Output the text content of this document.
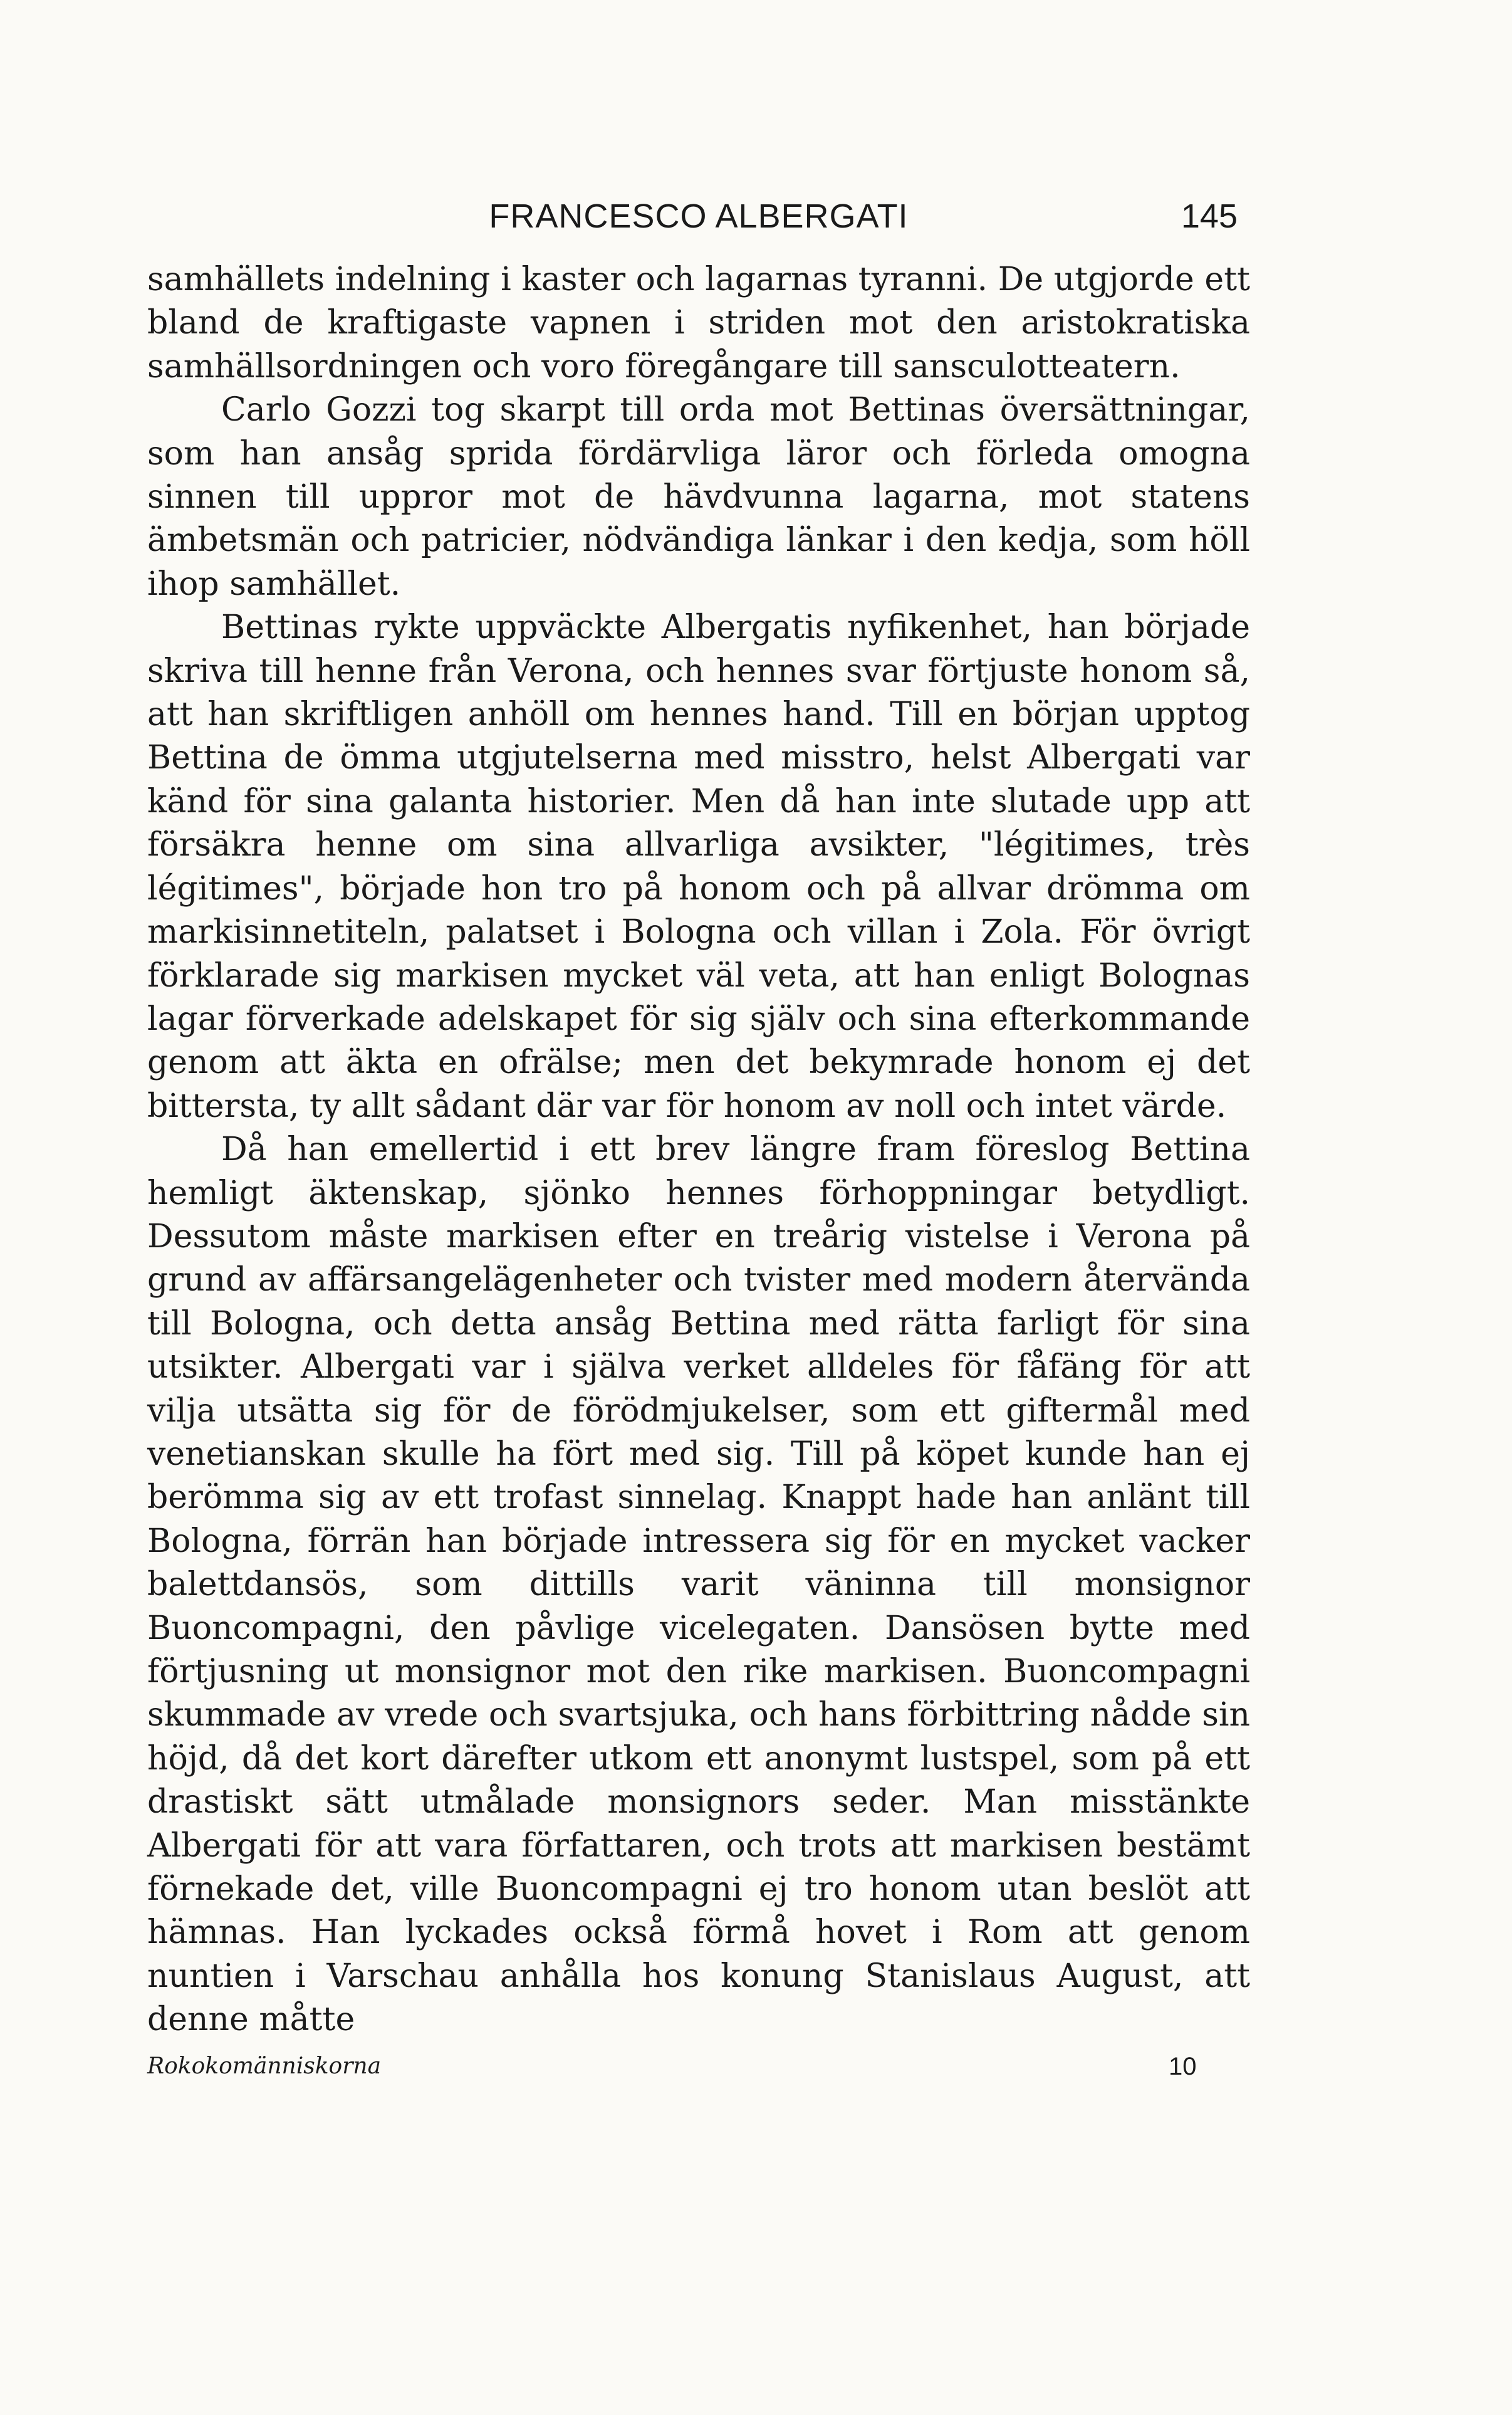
FRANCESCO ALBERGATI	145

samhällets indelning i kaster och lagarnas tyranni. De utgjorde ett bland de kraftigaste vapnen i striden mot den aristokratiska samhällsordningen och voro föregångare till sansculotteatern.

Carlo Gozzi tog skarpt till orda mot Bettinas översättningar, som han ansåg sprida fördärvliga läror och förleda omogna sinnen till uppror mot de hävdvunna lagarna, mot statens ämbetsmän och patricier, nödvändiga länkar i den kedja, som höll ihop samhället.

Bettinas rykte uppväckte Albergatis nyfikenhet, han började skriva till henne från Verona, och hennes svar förtjuste honom så, att han skriftligen anhöll om hennes hand. Till en början upptog Bettina de ömma utgjutelserna med misstro, helst Albergati var känd för sina galanta historier. Men då han inte slutade upp att försäkra henne om sina allvarliga avsikter, "légitimes, très légitimes", började hon tro på honom och på allvar drömma om markisinnetiteln, palatset i Bologna och villan i Zola. För övrigt förklarade sig markisen mycket väl veta, att han enligt Bolognas lagar förverkade adelskapet för sig själv och sina efterkommande genom att äkta en ofrälse; men det bekymrade honom ej det bittersta, ty allt sådant där var för honom av noll och intet värde.

Då han emellertid i ett brev längre fram föreslog Bettina hemligt äktenskap, sjönko hennes förhoppningar betydligt. Dessutom måste markisen efter en treårig vistelse i Verona på grund av affärsangelägenheter och tvister med modern återvända till Bologna, och detta ansåg Bettina med rätta farligt för sina utsikter. Albergati var i själva verket alldeles för fåfäng för att vilja utsätta sig för de förödmjukelser, som ett giftermål med venetianskan skulle ha fört med sig. Till på köpet kunde han ej berömma sig av ett trofast sinnelag. Knappt hade han anlänt till Bologna, förrän han började intressera sig för en mycket vacker balettdansös, som dittills varit väninna till monsignor Buoncompagni, den påvlige vicelegaten. Dansösen bytte med förtjusning ut monsignor mot den rike markisen. Buoncompagni skummade av vrede och svartsjuka, och hans förbittring nådde sin höjd, då det kort därefter utkom ett anonymt lustspel, som på ett drastiskt sätt utmålade monsignors seder. Man misstänkte Albergati för att vara författaren, och trots att markisen bestämt förnekade det, ville Buoncompagni ej tro honom utan beslöt att hämnas. Han lyckades också förmå hovet i Rom att genom nuntien i Varschau anhålla hos konung Stanislaus August, att denne måtte

Rokokomänniskorna	10
